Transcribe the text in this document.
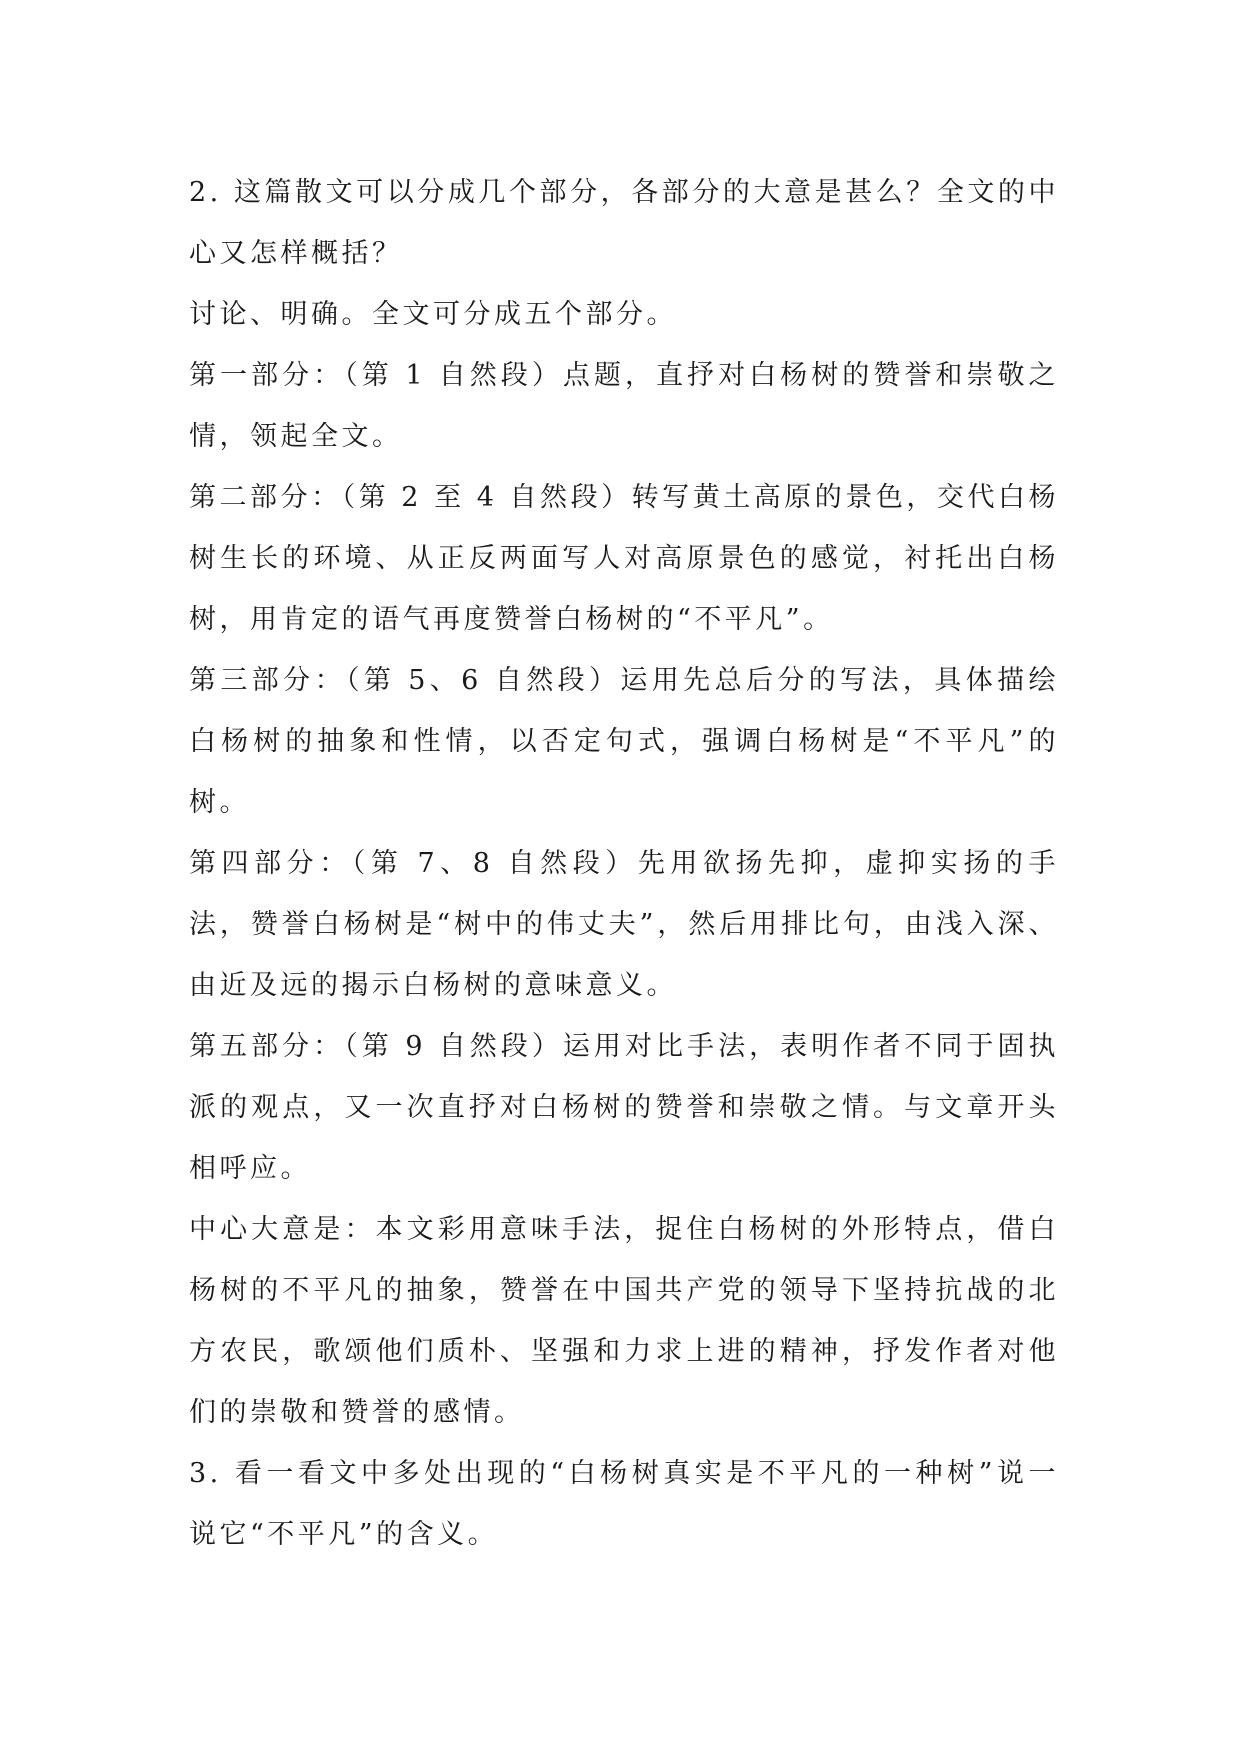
2. 这篇散文可以分成几个部分，各部分的大意是甚么？全文的中心又怎样概括？

讨论、明确。全文可分成五个部分。

第一部分：（第 1 自然段）点题，直抒对白杨树的赞誉和崇敬之情，领起全文。

第二部分：（第 2 至 4 自然段）转写黄土高原的景色，交代白杨树生长的环境、从正反两面写人对高原景色的感觉，衬托出白杨树，用肯定的语气再度赞誉白杨树的“不平凡”。

第三部分：（第 5、6 自然段）运用先总后分的写法，具体描绘白杨树的抽象和性情，以否定句式，强调白杨树是“不平凡”的树。

第四部分：（第 7、8 自然段）先用欲扬先抑，虚抑实扬的手法，赞誉白杨树是“树中的伟丈夫”，然后用排比句，由浅入深、由近及远的揭示白杨树的意味意义。

第五部分：（第 9 自然段）运用对比手法，表明作者不同于固执派的观点，又一次直抒对白杨树的赞誉和崇敬之情。与文章开头相呼应。

中心大意是：本文彩用意味手法，捉住白杨树的外形特点，借白杨树的不平凡的抽象，赞誉在中国共产党的领导下坚持抗战的北方农民，歌颂他们质朴、坚强和力求上进的精神，抒发作者对他们的崇敬和赞誉的感情。

3. 看一看文中多处出现的“白杨树真实是不平凡的一种树”说一说它“不平凡”的含义。
